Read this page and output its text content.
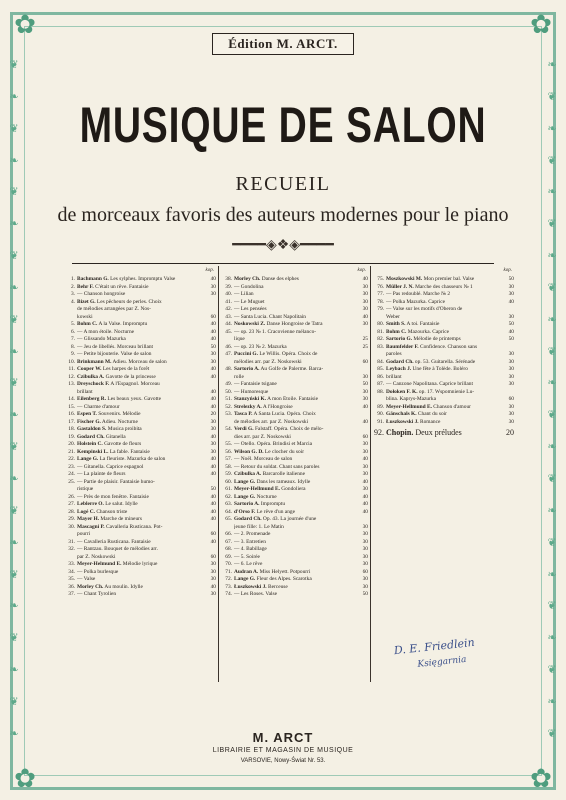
❦
❧
❦
❧
❦
❧
❦
❧
❦
❧
❦
❧
❦
❧
❦
❧
❦
❧
❦
❧
❦
❧
❧
❦
❧
❦
❧
❦
❧
❦
❧
❦
❧
❦
❧
❦
❧
❦
❧
❦
❧
❦
❧
❦
✿	✿
✿	✿
Édition M. ARCT.
MUSIQUE DE SALON
RECUEIL
de morceaux favoris des auteurs modernes pour le piano
━━━━◈❖◈━━━━
kop.
1. Bachmann G. Les sylphes. Impromptu Valse	40
2. Behr F. C'était un rêve. Fantaisie	30
3. — Chanson hongroise	30
4. Bizet G. Les pêcheurs de perles. Choix
de mélodies arrangées par Z. Nos-
kowski	60
5. Bohm C. A la Valse. Impromptu	40
6. — A mon étoile. Nocturne	40
7. — Glissando Mazurka	40
8. — Jeu de libellés. Morceau brillant	50
9. — Petite bijouterie. Valse de salon	30
10. Brinkmann M. Adieu. Morceau de salon	30
11. Cooper W. Les harpes de la forêt	40
12. Czibulka A. Gavotte de la princesse	40
13. Dreyschock F. A l'Espagnol. Morceau
brillant	40
14. Eilenberg R. Les beaux yeux. Gavotte	40
15. — Charme d'amour	40
16. Espen T. Souvenirs. Mélodie	20
17. Fischer G. Adieu. Nocturne	30
18. Gastaldon S. Musica proibita	30
19. Godard Ch. Gitanella	40
20. Holstein C. Gavotte de fleurs	30
21. Kempinski L. La fable. Fantaisie	30
22. Lange G. La fleuriste. Mazurka de salon	40
23. — Gitanella. Caprice espagnol	40
24. — La plainte de fleurs	40
25. — Partie de plaisir. Fantaisie humo-
ristique	50
26. — Près de mon fenêtre. Fantaisie	40
27. Leblerre O. Le salut. Idylle	40
28. Logé C. Chanson triste	40
29. Mayer H. Marche de mineurs	40
30. Mascagni P. Cavalleria Rusticana. Pot-
pourri	60
31. — Cavalleria Rusticana. Fantaisie	40
32. — Rantzau. Bouquet de mélodies arr.
par Z. Noskowski	60
33. Meyer-Helmund E. Mélodie lyrique	30
34. — Polka burlesque	30
35. — Valse	30
36. Morley Ch. Au moulin. Idylle	40
37. — Chant Tyrolien	30
kop.
38. Morley Ch. Danse des elphes	40
39. — Gondolina	30
40. — Lilian	30
41. — Le Muguet	30
42. — Les pensées	30
43. — Santa Lucia. Chant Napolitain	40
44. Noskowski Z. Danse Hongroise de Tatra	30
45. — op. 23 № 1. Cracovienne mélanco-
lique	25
46. — op. 23 № 2. Mazurka	25
47. Puccini G. Le Willis. Opéra. Choix de
mélodies arr. par Z. Noskowski	60
48. Sartorio A. Au Golfe de Palerme. Barca-
rolle	30
49. — Fantaisie tsigane	50
50. — Humoresque	30
51. Stanzyński K. A mon Étoile. Fantaisie	30
52. Strelezky A. A l'Hongroise	40
53. Tasca P. A Santa Lucia. Opéra. Choix
de mélodies arr. par Z. Noskowski	40
54. Verdi G. Falstaff. Opéra. Choix de mélo-
dies arr. par Z. Noskowski	60
55. — Otello. Opéra. Brindisi et Marcia	30
56. Wilson G. D. Le clocher du soir	30
57. — Noël. Morceau de salon	40
58. — Retour du soldat. Chant sans paroles	30
59. Czibulka A. Barcarolle italienne	30
60. Lange G. Dans les rameaux. Idylle	40
61. Meyer-Hellmund E. Gondoliera	30
62. Lange G. Nocturne	40
63. Sartorio A. Impromptu	40
64. d'Orso F. Le rêve d'un ange	40
65. Godard Ch. Op. 43. La journée d'une
jeune fille: 1. Le Matin	30
66. — 2. Promenade	30
67. — 3. Entretien	30
68. — 4. Babillage	30
69. — 5. Soirée	30
70. — 6. Le rêve	30
71. Audran A. Miss Helyett. Potpourri	60
72. Lange G. Fleur des Alpes. Scarotka	30
73. Łuszkowski J. Berceuse	30
74. — Les Roses. Valse	50
kop.
75. Moszkowski M. Mon premier bal. Valse	50
76. Müller J. N. Marche des chasseurs № 1	30
77. — Pas redoublé. Marche № 2	30
78. — Polka Mazurka. Caprice	40
79. — Valse sur les motifs d'Oberon de
Weber	30
80. Smith S. A toi. Fantaisie	50
81. Bohm C. Mazourka. Caprice	40
82. Sartorio G. Mélodie de printemps	50
83. Baumfelder F. Confidence. Chanson sans
paroles	30
84. Godard Ch. op. 53. Guitarella. Sérénade	30
85. Leybach J. Une fête à Tolède. Boléro	30
86. brillant	30
87. — Canzone Napolitana. Caprice brillant	30
88. Dołoken F. K. op. 17. Wspomnienie Lu-
blina. Kaprys-Mazurka	60
89. Meyer-Hellmund E. Chanson d'amour	30
90. Gänschals K. Chant du soir	30
91. Łuszkowski J. Romance	30
92. Chopin. Deux préludes	20
D. E. Friedlein
Księgarnia
M. ARCT
LIBRAIRIE ET MAGASIN DE MUSIQUE
VARSOVIE, Nowy-Świat Nr. 53.
